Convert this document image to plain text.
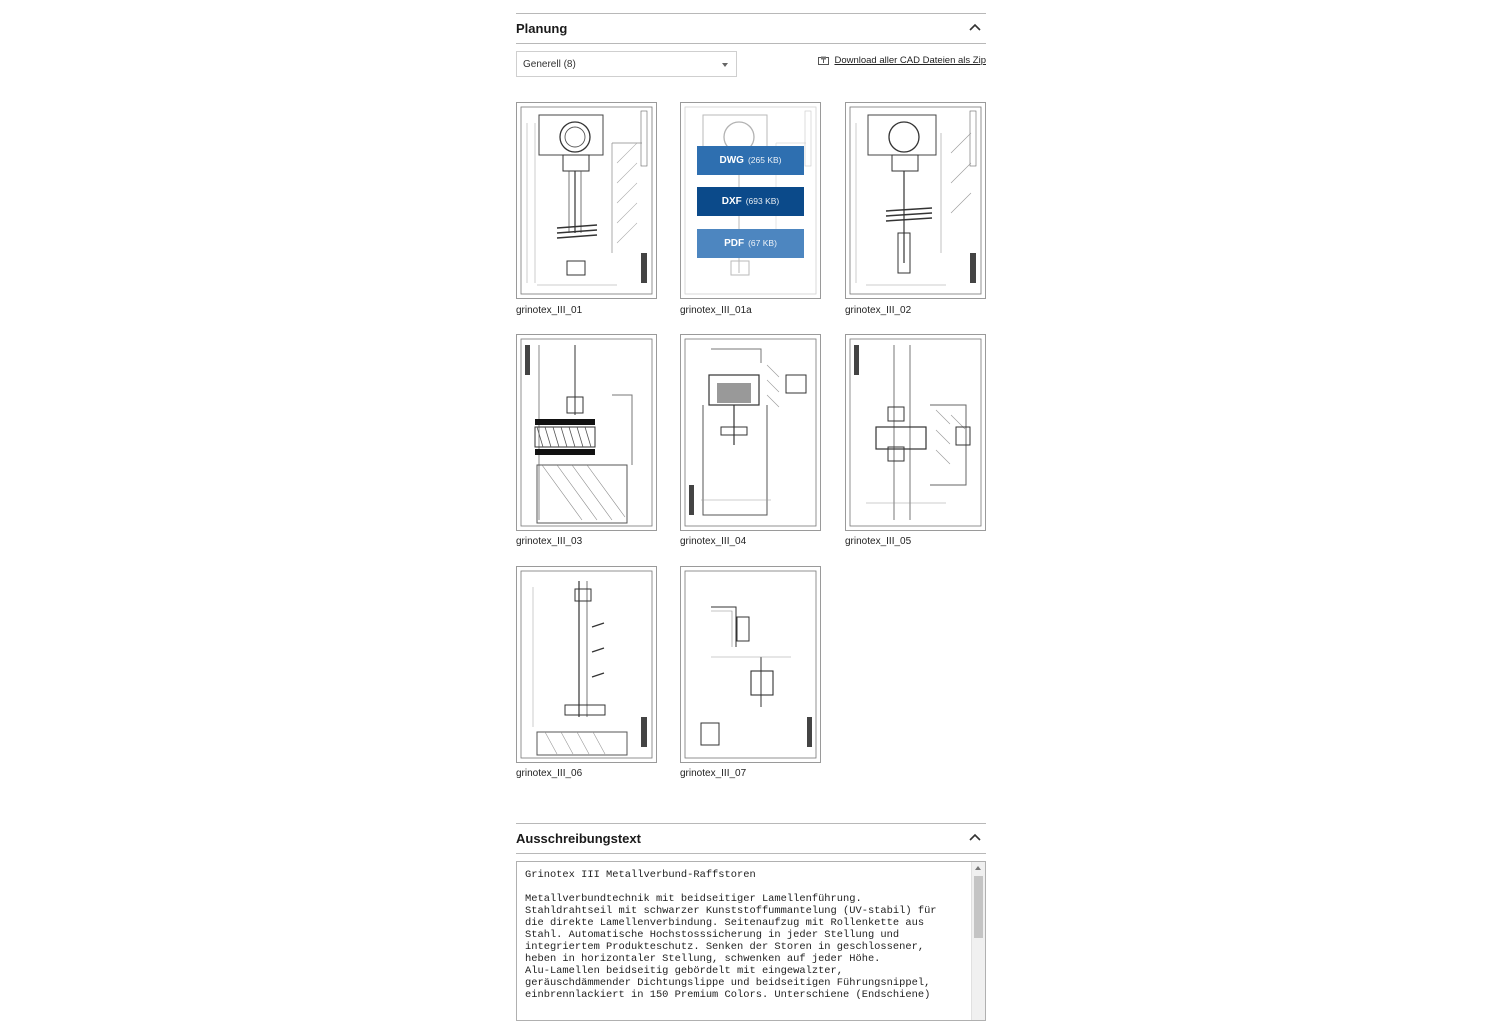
Planung
Generell (8)	Download aller CAD Dateien als Zip
grinotex_III_01
DWG (265 KB)
DXF (693 KB)
PDF (67 KB)
grinotex_III_01a	grinotex_III_02
grinotex_III_03	grinotex_III_04	grinotex_III_05
grinotex_III_06	grinotex_III_07
Ausschreibungstext
Grinotex III Metallverbund-Raffstoren

Metallverbundtechnik mit beidseitiger Lamellenführung.
Stahldrahtseil mit schwarzer Kunststoffummantelung (UV-stabil) für
die direkte Lamellenverbindung. Seitenaufzug mit Rollenkette aus
Stahl. Automatische Hochstosssicherung in jeder Stellung und
integriertem Produkteschutz. Senken der Storen in geschlossener,
heben in horizontaler Stellung, schwenken auf jeder Höhe.
Alu-Lamellen beidseitig gebördelt mit eingewalzter,
geräuschdämmender Dichtungslippe und beidseitigen Führungsnippel,
einbrennlackiert in 150 Premium Colors. Unterschiene (Endschiene)
